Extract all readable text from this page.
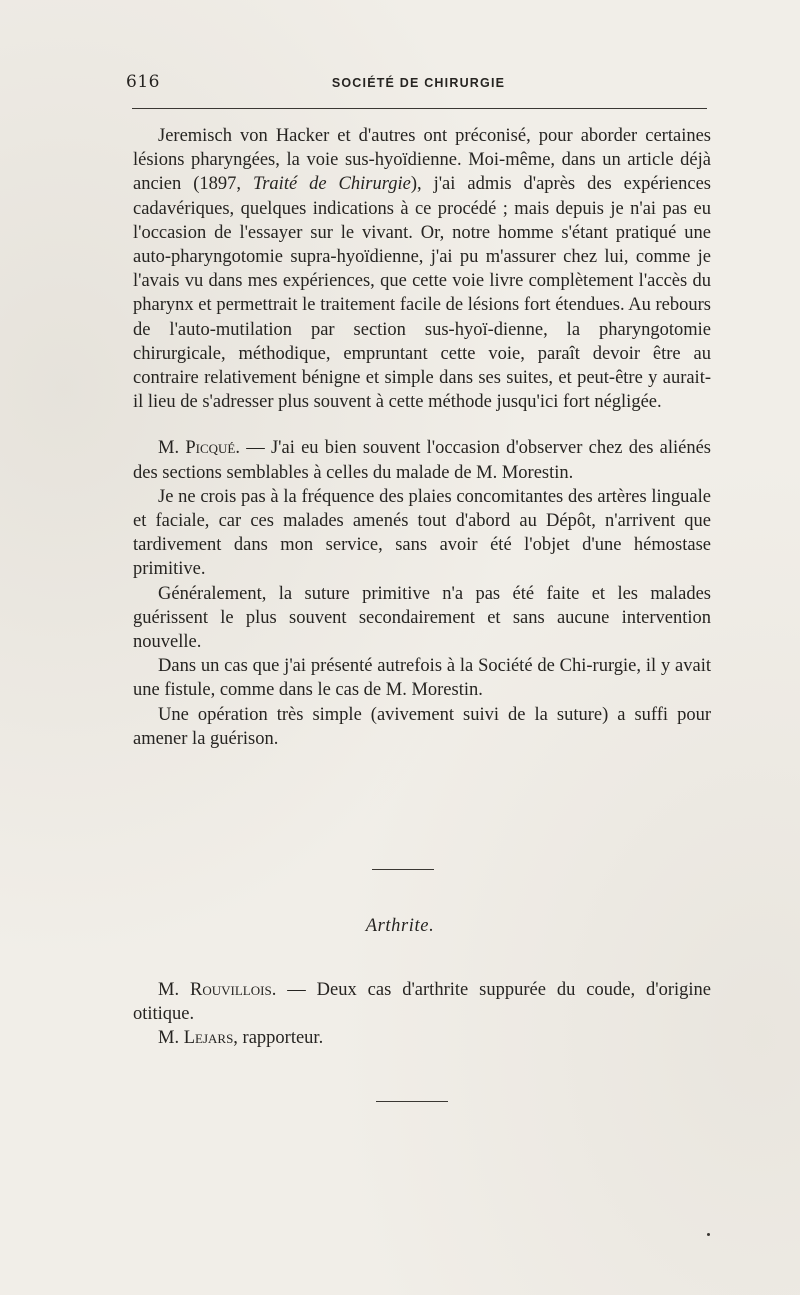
616	SOCIÉTÉ DE CHIRURGIE

Jeremisch von Hacker et d'autres ont préconisé, pour aborder certaines lésions pharyngées, la voie sus-hyoïdienne. Moi-même, dans un article déjà ancien (1897, Traité de Chirurgie), j'ai admis d'après des expériences cadavériques, quelques indications à ce procédé ; mais depuis je n'ai pas eu l'occasion de l'essayer sur le vivant. Or, notre homme s'étant pratiqué une auto-pharyngotomie supra-hyoïdienne, j'ai pu m'assurer chez lui, comme je l'avais vu dans mes expériences, que cette voie livre complètement l'accès du pharynx et permettrait le traitement facile de lésions fort étendues. Au rebours de l'auto-mutilation par section sus-hyoï-dienne, la pharyngotomie chirurgicale, méthodique, empruntant cette voie, paraît devoir être au contraire relativement bénigne et simple dans ses suites, et peut-être y aurait-il lieu de s'adresser plus souvent à cette méthode jusqu'ici fort négligée.

M. Picqué. — J'ai eu bien souvent l'occasion d'observer chez des aliénés des sections semblables à celles du malade de M. Morestin.

Je ne crois pas à la fréquence des plaies concomitantes des artères linguale et faciale, car ces malades amenés tout d'abord au Dépôt, n'arrivent que tardivement dans mon service, sans avoir été l'objet d'une hémostase primitive.

Généralement, la suture primitive n'a pas été faite et les malades guérissent le plus souvent secondairement et sans aucune intervention nouvelle.

Dans un cas que j'ai présenté autrefois à la Société de Chi-rurgie, il y avait une fistule, comme dans le cas de M. Morestin.

Une opération très simple (avivement suivi de la suture) a suffi pour amener la guérison.

Arthrite.

M. Rouvillois. — Deux cas d'arthrite suppurée du coude, d'origine otitique.

M. Lejars, rapporteur.
